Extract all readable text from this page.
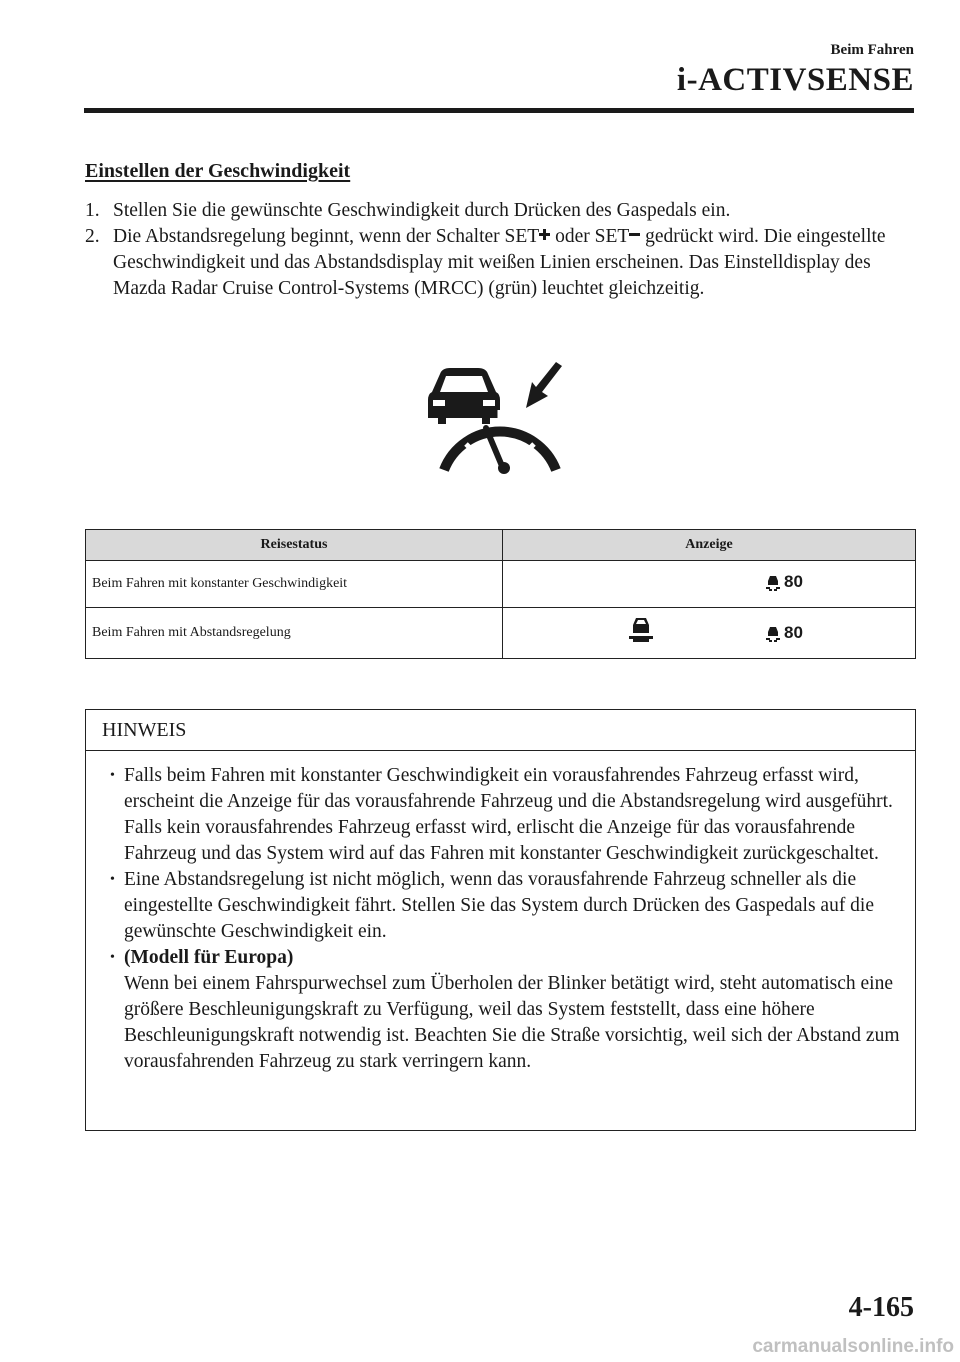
Beim Fahren
i-ACTIVSENSE
Einstellen der Geschwindigkeit
1. Stellen Sie die gewünschte Geschwindigkeit durch Drücken des Gaspedals ein.
2. Die Abstandsregelung beginnt, wenn der Schalter SET oder SET gedrückt wird. Die eingestellte Geschwindigkeit und das Abstandsdisplay mit weißen Linien erscheinen. Das Einstelldisplay des Mazda Radar Cruise Control-Systems (MRCC) (grün) leuchtet gleichzeitig.
Reisestatus	Anzeige
Beim Fahren mit konstanter Geschwindigkeit	80

Beim Fahren mit Abstandsregelung	80
HINWEIS
• Falls beim Fahren mit konstanter Geschwindigkeit ein vorausfahrendes Fahrzeug erfasst wird, erscheint die Anzeige für das vorausfahrende Fahrzeug und die Abstandsregelung wird ausgeführt. Falls kein vorausfahrendes Fahrzeug erfasst wird, erlischt die Anzeige für das vorausfahrende Fahrzeug und das System wird auf das Fahren mit konstanter Geschwindigkeit zurückgeschaltet.
• Eine Abstandsregelung ist nicht möglich, wenn das vorausfahrende Fahrzeug schneller als die eingestellte Geschwindigkeit fährt. Stellen Sie das System durch Drücken des Gaspedals auf die gewünschte Geschwindigkeit ein.
• (Modell für Europa)
Wenn bei einem Fahrspurwechsel zum Überholen der Blinker betätigt wird, steht automatisch eine größere Beschleunigungskraft zu Verfügung, weil das System feststellt, dass eine höhere Beschleunigungskraft notwendig ist. Beachten Sie die Straße vorsichtig, weil sich der Abstand zum vorausfahrenden Fahrzeug zu stark verringern kann.
4-165
carmanualsonline.info
